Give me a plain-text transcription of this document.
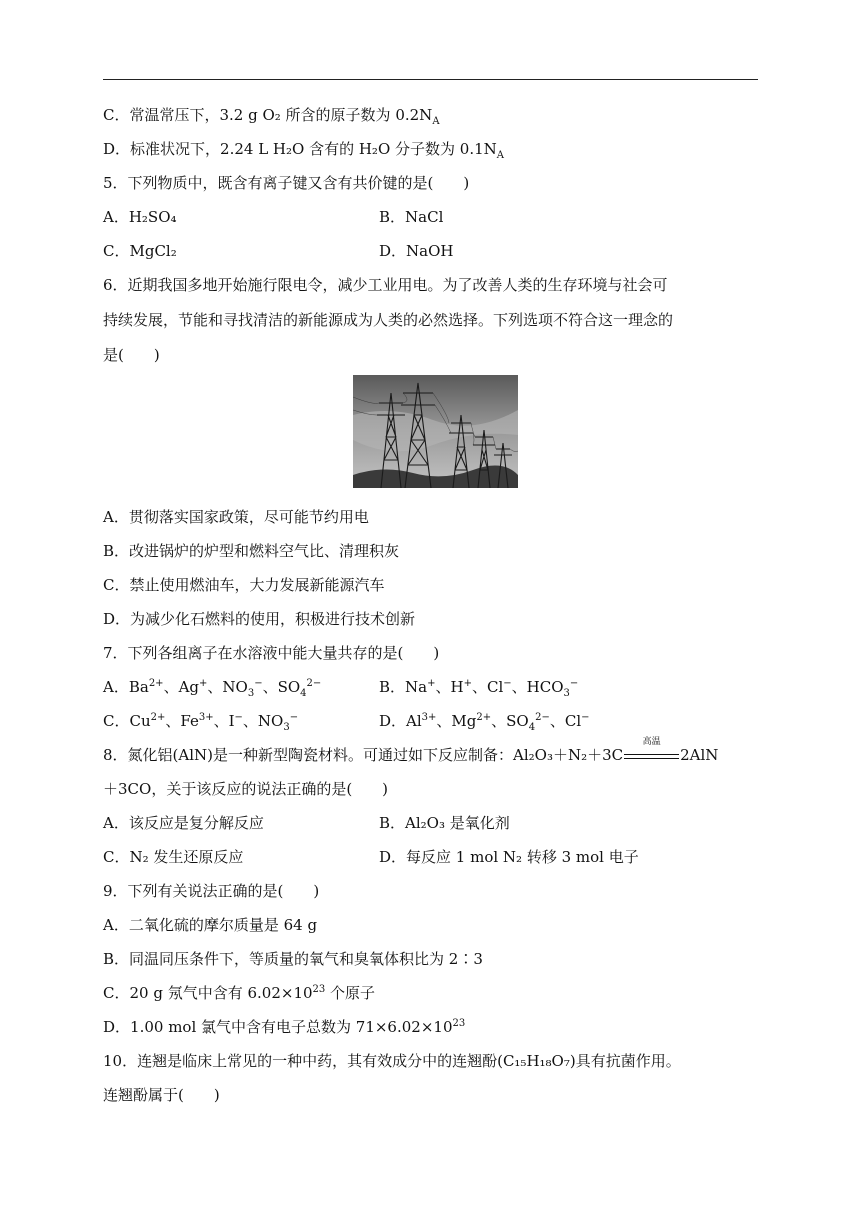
C．常温常压下，3.2 g O₂ 所含的原子数为 $0.2N_A$
D．标准状况下，2.24 L H₂O 含有的 H₂O 分子数为 $0.1N_A$
5．下列物质中，既含有离子键又含有共价键的是(　　)
A．H₂SO₄	B．NaCl
C．MgCl₂	D．NaOH
6．近期我国多地开始施行限电令，减少工业用电。为了改善人类的生存环境与社会可
持续发展，节能和寻找清洁的新能源成为人类的必然选择。下列选项不符合这一理念的
是(　　)
A．贯彻落实国家政策，尽可能节约用电
B．改进锅炉的炉型和燃料空气比、清理积灰
C．禁止使用燃油车，大力发展新能源汽车
D．为减少化石燃料的使用，积极进行技术创新
7．下列各组离子在水溶液中能大量共存的是(　　)
A．$Ba^{2+}$、Ag+、$NO_3^-$、$SO_4^{2-}$	B．Na+、H+、Cl−、$HCO_3^-$
C．$Cu^{2+}$、$Fe^{3+}$、I−、$NO_3^-$	D．$Al^{3+}$、$Mg^{2+}$、$SO_4^{2-}$、Cl−
8．氮化铝(AlN)是一种新型陶瓷材料。可通过如下反应制备：Al₂O₃＋N₂＋3C
高温
2AlN
＋3CO，关于该反应的说法正确的是(　　)
A．该反应是复分解反应	B．Al₂O₃ 是氧化剂
C．N₂ 发生还原反应	D．每反应 1 mol N₂ 转移 3 mol 电子
9．下列有关说法正确的是(　　)
A．二氧化硫的摩尔质量是 64 g
B．同温同压条件下，等质量的氧气和臭氧体积比为 2∶3
C．20 g 氖气中含有 $6.02\times 10^{23}$ 个原子
D．1.00 mol 氯气中含有电子总数为 $71\times 6.02\times 10^{23}$
10．连翘是临床上常见的一种中药，其有效成分中的连翘酚(C₁₅H₁₈O₇)具有抗菌作用。
连翘酚属于(　　)
